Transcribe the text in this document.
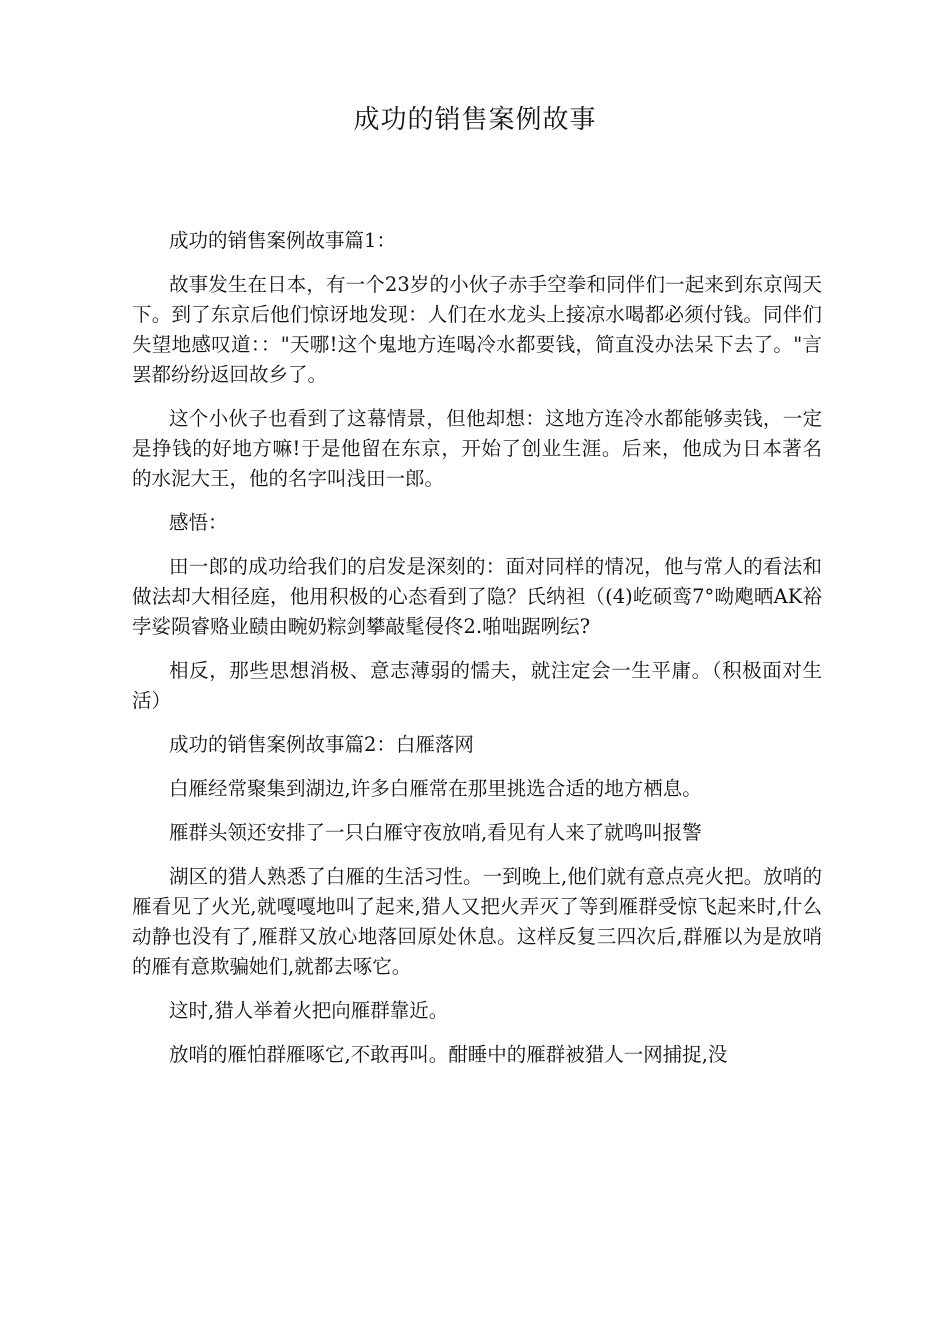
成功的销售案例故事

成功的销售案例故事篇1：

故事发生在日本，有一个23岁的小伙子赤手空拳和同伴们一起来到东京闯天下。到了东京后他们惊讶地发现：人们在水龙头上接凉水喝都必须付钱。同伴们失望地感叹道：："天哪!这个鬼地方连喝冷水都要钱，简直没办法呆下去了。"言罢都纷纷返回故乡了。

这个小伙子也看到了这幕情景，但他却想：这地方连冷水都能够卖钱，一定是挣钱的好地方嘛!于是他留在东京，开始了创业生涯。后来，他成为日本著名的水泥大王，他的名字叫浅田一郎。

感悟：

田一郎的成功给我们的启发是深刻的：面对同样的情况，他与常人的看法和做法却大相径庭，他用积极的心态看到了隐？氏纳袒（(4)屹硕鸾7°呦飑晒AK裕孛娑陨睿赂业赜由畹奶粽剑攀敲髦侵佟2.啪咄踞咧纭?

相反，那些思想消极、意志薄弱的懦夫，就注定会一生平庸。（积极面对生活）

成功的销售案例故事篇2：白雁落网

白雁经常聚集到湖边,许多白雁常在那里挑选合适的地方栖息。

雁群头领还安排了一只白雁守夜放哨,看见有人来了就鸣叫报警

湖区的猎人熟悉了白雁的生活习性。一到晚上,他们就有意点亮火把。放哨的雁看见了火光,就嘎嘎地叫了起来,猎人又把火弄灭了等到雁群受惊飞起来时,什么动静也没有了,雁群又放心地落回原处休息。这样反复三四次后,群雁以为是放哨的雁有意欺骗她们,就都去啄它。

这时,猎人举着火把向雁群靠近。

放哨的雁怕群雁啄它,不敢再叫。酣睡中的雁群被猎人一网捕捉,没
